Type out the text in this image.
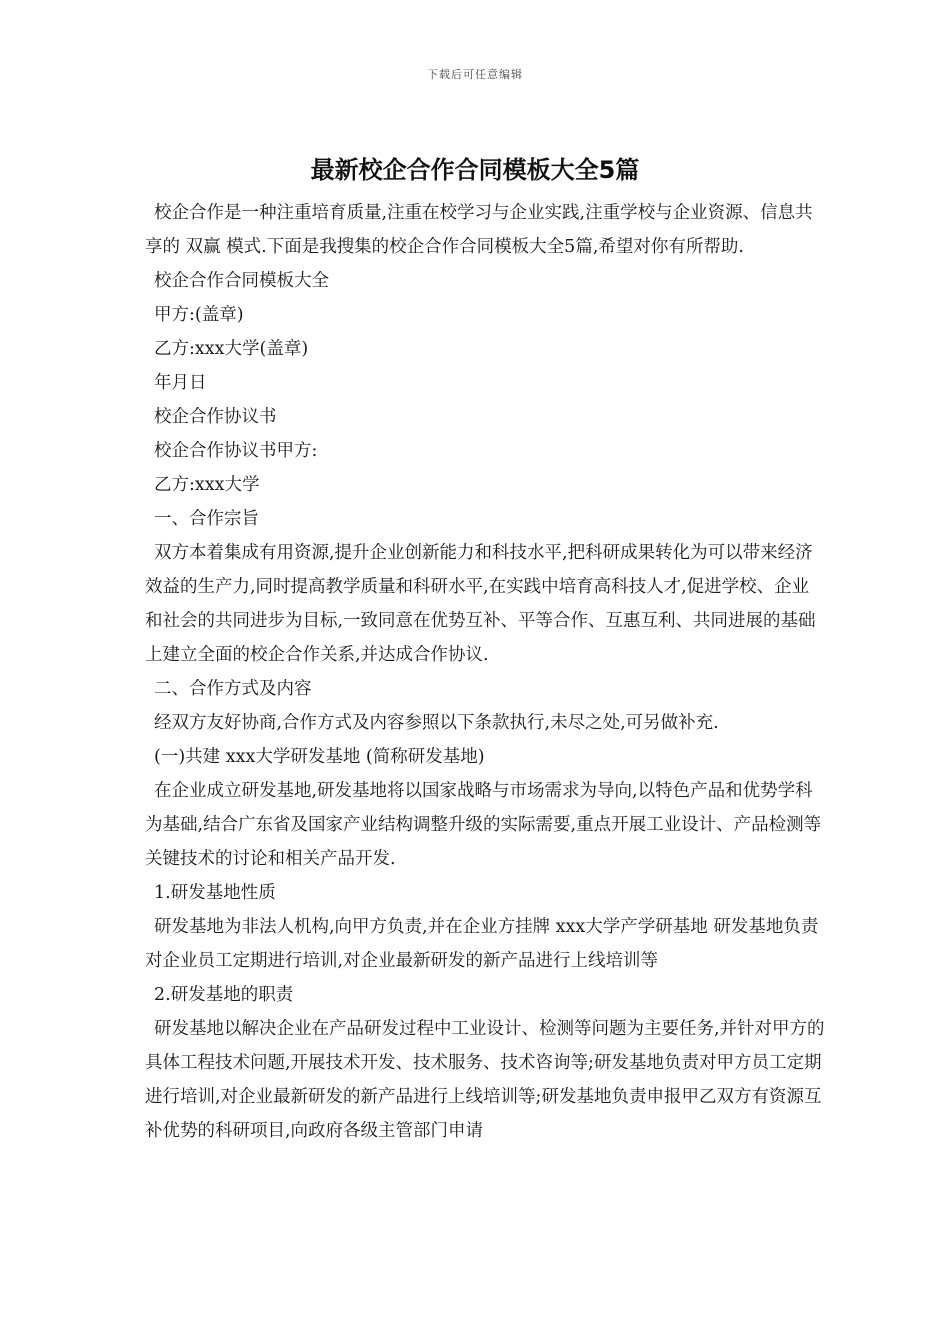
下载后可任意编辑
最新校企合作合同模板大全5篇

校企合作是一种注重培育质量,注重在校学习与企业实践,注重学校与企业资源、信息共享的 双赢 模式.下面是我搜集的校企合作合同模板大全5篇,希望对你有所帮助.

校企合作合同模板大全

甲方:(盖章)

乙方:xxx大学(盖章)

年月日

校企合作协议书

校企合作协议书甲方:

乙方:xxx大学

一、合作宗旨

双方本着集成有用资源,提升企业创新能力和科技水平,把科研成果转化为可以带来经济效益的生产力,同时提高教学质量和科研水平,在实践中培育高科技人才,促进学校、企业和社会的共同进步为目标,一致同意在优势互补、平等合作、互惠互利、共同进展的基础上建立全面的校企合作关系,并达成合作协议.

二、合作方式及内容

经双方友好协商,合作方式及内容参照以下条款执行,未尽之处,可另做补充.

(一)共建 xxx大学研发基地 (简称研发基地)

在企业成立研发基地,研发基地将以国家战略与市场需求为导向,以特色产品和优势学科为基础,结合广东省及国家产业结构调整升级的实际需要,重点开展工业设计、产品检测等关键技术的讨论和相关产品开发.

1.研发基地性质

研发基地为非法人机构,向甲方负责,并在企业方挂牌 xxx大学产学研基地 研发基地负责对企业员工定期进行培训,对企业最新研发的新产品进行上线培训等

2.研发基地的职责

研发基地以解决企业在产品研发过程中工业设计、检测等问题为主要任务,并针对甲方的具体工程技术问题,开展技术开发、技术服务、技术咨询等;研发基地负责对甲方员工定期进行培训,对企业最新研发的新产品进行上线培训等;研发基地负责申报甲乙双方有资源互补优势的科研项目,向政府各级主管部门申请
